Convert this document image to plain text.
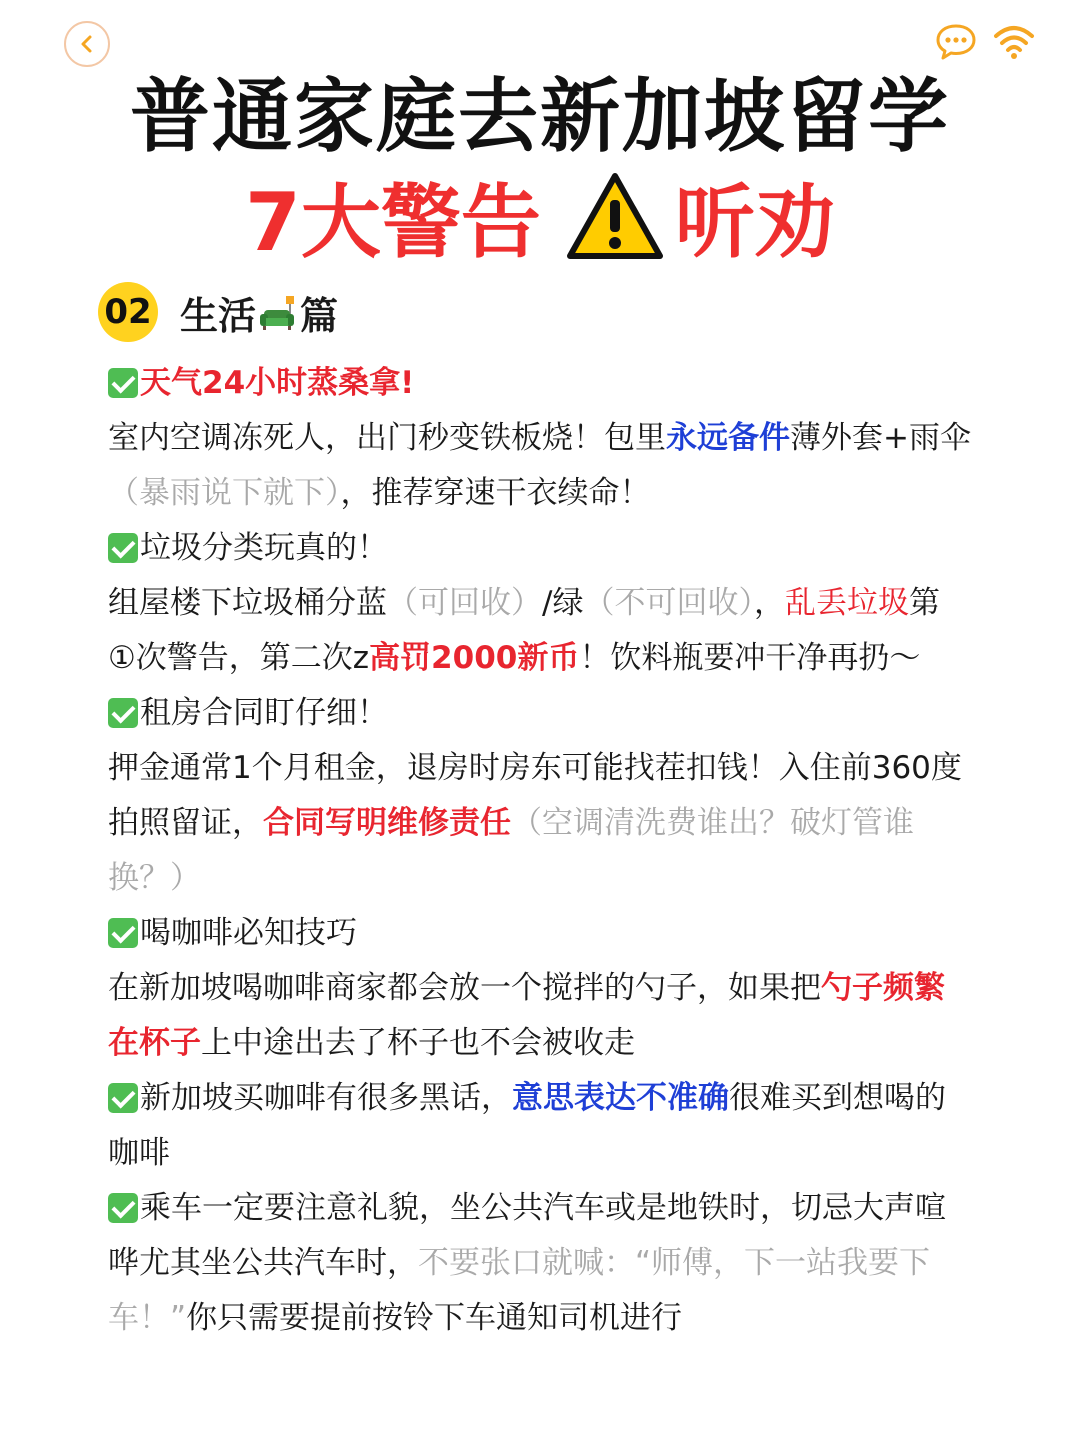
普通家庭去新加坡留学
7大警告 听劝
02 生活 篇
天气24小时蒸桑拿!
室内空调冻死人，出门秒变铁板烧！包里永远备件薄外套+雨伞
（暴雨说下就下），推荐穿速干衣续命！
垃圾分类玩真的！
组屋楼下垃圾桶分蓝（可回收）/绿（不可回收），乱丢垃圾第
①次警告，第二次z高罚2000新币！饮料瓶要冲干净再扔～
租房合同盯仔细！
押金通常1个月租金，退房时房东可能找茬扣钱！入住前360度
拍照留证，合同写明维修责任（空调清洗费谁出？破灯管谁
换？）
喝咖啡必知技巧
在新加坡喝咖啡商家都会放一个搅拌的勺子，如果把勺子频繁
在杯子上中途出去了杯子也不会被收走
新加坡买咖啡有很多黑话，意思表达不准确很难买到想喝的
咖啡
乘车一定要注意礼貌，坐公共汽车或是地铁时，切忌大声喧
哗尤其坐公共汽车时，不要张口就喊：“师傅，下一站我要下
车！”你只需要提前按铃下车通知司机进行
